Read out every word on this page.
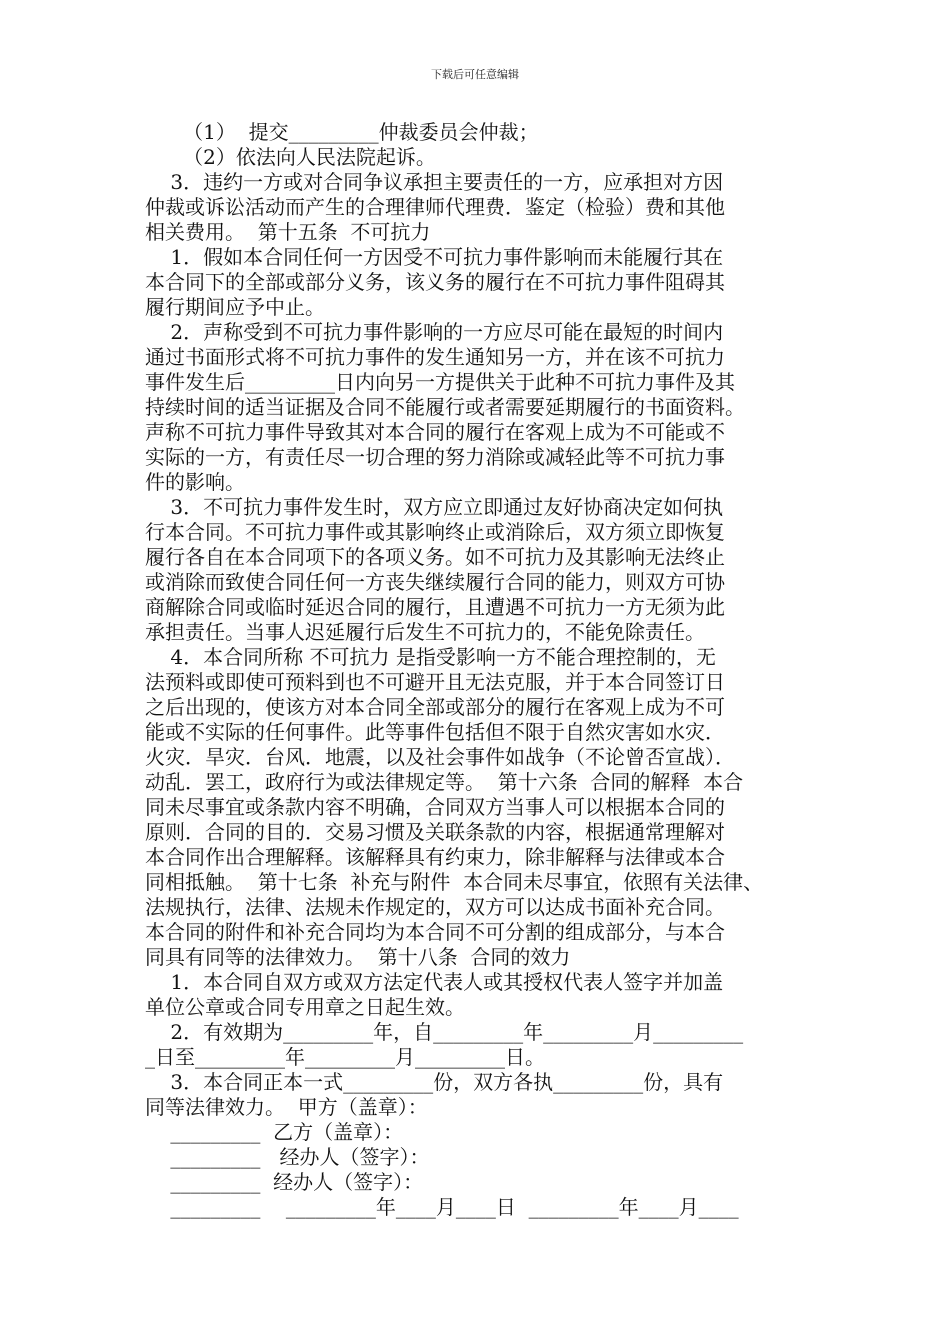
下载后可任意编辑
（1）  提交_________仲裁委员会仲裁；
（2）依法向人民法院起诉。
3．违约一方或对合同争议承担主要责任的一方，应承担对方因
仲裁或诉讼活动而产生的合理律师代理费．鉴定（检验）费和其他
相关费用。  第十五条  不可抗力
1．假如本合同任何一方因受不可抗力事件影响而未能履行其在
本合同下的全部或部分义务，该义务的履行在不可抗力事件阻碍其
履行期间应予中止。
2．声称受到不可抗力事件影响的一方应尽可能在最短的时间内
通过书面形式将不可抗力事件的发生通知另一方，并在该不可抗力
事件发生后_________日内向另一方提供关于此种不可抗力事件及其
持续时间的适当证据及合同不能履行或者需要延期履行的书面资料。
声称不可抗力事件导致其对本合同的履行在客观上成为不可能或不
实际的一方，有责任尽一切合理的努力消除或减轻此等不可抗力事
件的影响。
3．不可抗力事件发生时，双方应立即通过友好协商决定如何执
行本合同。不可抗力事件或其影响终止或消除后，双方须立即恢复
履行各自在本合同项下的各项义务。如不可抗力及其影响无法终止
或消除而致使合同任何一方丧失继续履行合同的能力，则双方可协
商解除合同或临时延迟合同的履行，且遭遇不可抗力一方无须为此
承担责任。当事人迟延履行后发生不可抗力的，不能免除责任。
4．本合同所称 不可抗力 是指受影响一方不能合理控制的，无
法预料或即使可预料到也不可避开且无法克服，并于本合同签订日
之后出现的，使该方对本合同全部或部分的履行在客观上成为不可
能或不实际的任何事件。此等事件包括但不限于自然灾害如水灾．
火灾．旱灾．台风．地震，以及社会事件如战争（不论曾否宣战）．
动乱．罢工，政府行为或法律规定等。  第十六条  合同的解释  本合
同未尽事宜或条款内容不明确，合同双方当事人可以根据本合同的
原则．合同的目的．交易习惯及关联条款的内容，根据通常理解对
本合同作出合理解释。该解释具有约束力，除非解释与法律或本合
同相抵触。  第十七条  补充与附件  本合同未尽事宜，依照有关法律、
法规执行，法律、法规未作规定的，双方可以达成书面补充合同。
本合同的附件和补充合同均为本合同不可分割的组成部分，与本合
同具有同等的法律效力。  第十八条  合同的效力
1．本合同自双方或双方法定代表人或其授权代表人签字并加盖
单位公章或合同专用章之日起生效。
2．有效期为_________年，自_________年_________月_________
_日至_________年_________月_________日。
3．本合同正本一式_________份，双方各执_________份，具有
同等法律效力。  甲方（盖章）：
_________  乙方（盖章）：
_________   经办人（签字）：
_________  经办人（签字）：
_________    _________年____月____日  _________年____月____
